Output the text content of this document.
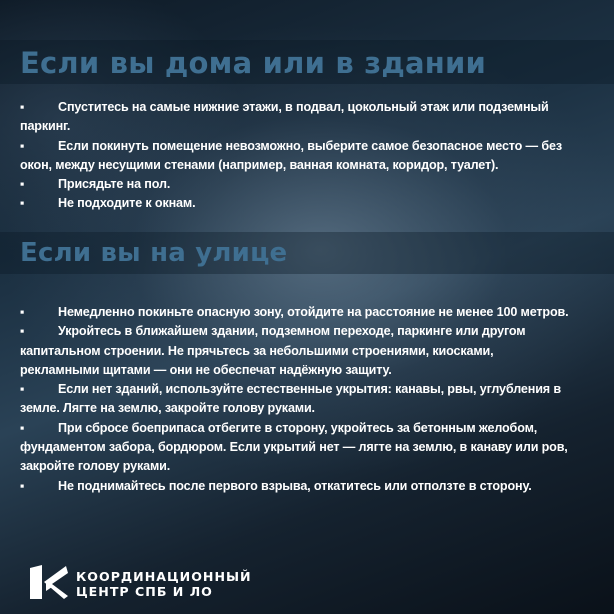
Если вы дома или в здании
▪	Спуститесь на самые нижние этажи, в подвал, цокольный этаж или подземный паркинг.
▪	Если покинуть помещение невозможно, выберите самое безопасное место — без окон, между несущими стенами (например, ванная комната, коридор, туалет).
▪	Присядьте на пол.
▪	Не подходите к окнам.
Если вы на улице
▪	Немедленно покиньте опасную зону, отойдите на расстояние не менее 100 метров.
▪	Укройтесь в ближайшем здании, подземном переходе, паркинге или другом капитальном строении. Не прячьтесь за небольшими строениями, киосками, рекламными щитами — они не обеспечат надёжную защиту.
▪	Если нет зданий, используйте естественные укрытия: канавы, рвы, углубления в земле. Лягте на землю, закройте голову руками.
▪	При сбросе боеприпаса отбегите в сторону, укройтесь за бетонным желобом, фундаментом забора, бордюром. Если укрытий нет — лягте на землю, в канаву или ров, закройте голову руками.
▪	Не поднимайтесь после первого взрыва, откатитесь или отползте в сторону.
КООРДИНАЦИОННЫЙ
ЦЕНТР СПБ И ЛО
